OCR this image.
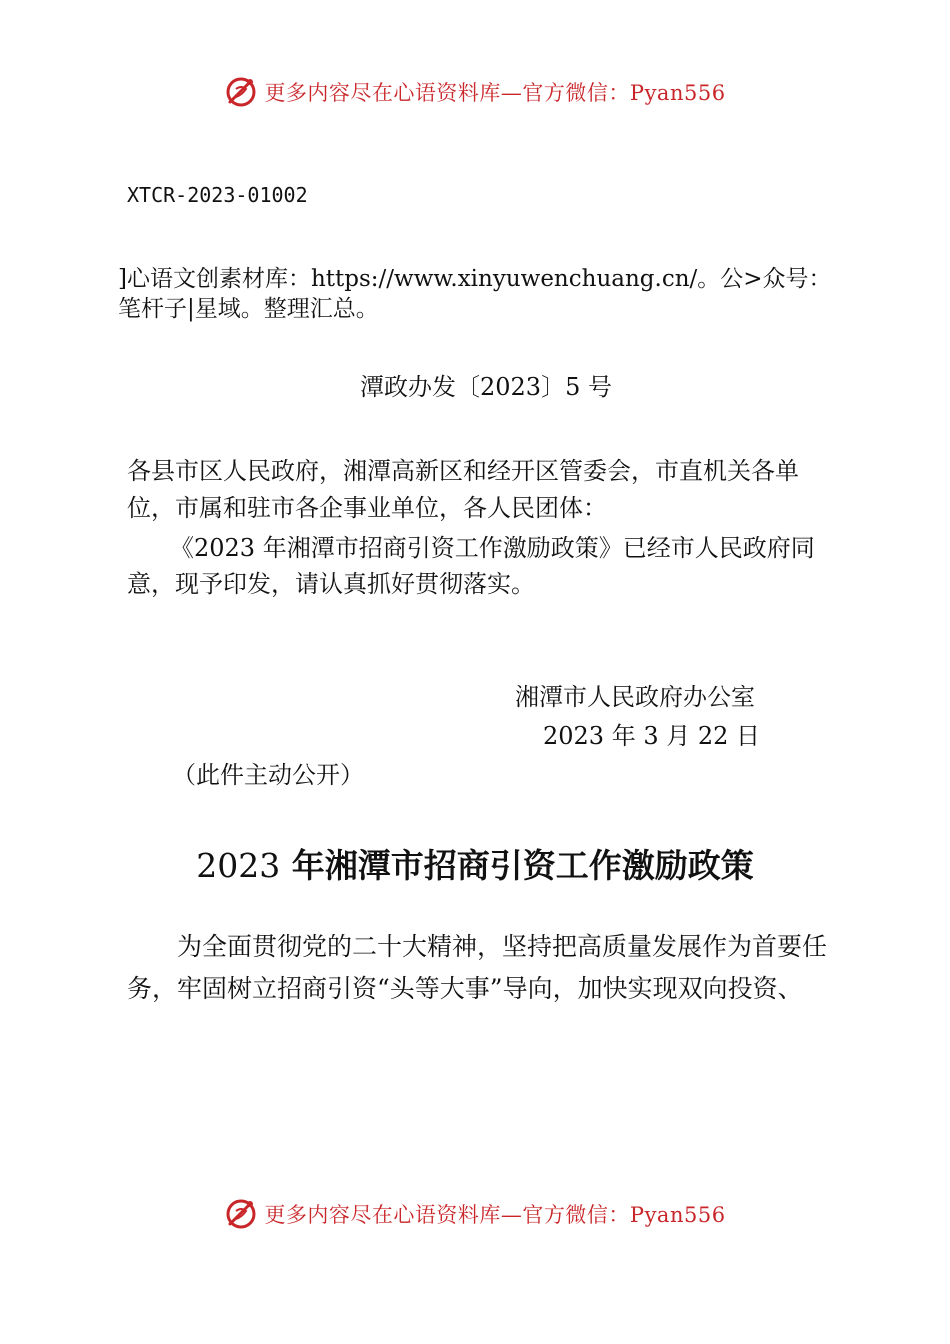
更多内容尽在心语资料库—官方微信：Pyan556
XTCR-2023-01002
]心语文创素材库：https://www.xinyuwenchuang.cn/。公>众号：
笔杆子|星域。整理汇总。
潭政办发〔2023〕5 号
各县市区人民政府，湘潭高新区和经开区管委会，市直机关各单
位，市属和驻市各企事业单位，各人民团体：
《2023 年湘潭市招商引资工作激励政策》已经市人民政府同
意，现予印发，请认真抓好贯彻落实。
湘潭市人民政府办公室
2023 年 3 月 22 日
（此件主动公开）
2023 年湘潭市招商引资工作激励政策
为全面贯彻党的二十大精神，坚持把高质量发展作为首要任
务，牢固树立招商引资“头等大事”导向，加快实现双向投资、
更多内容尽在心语资料库—官方微信：Pyan556
